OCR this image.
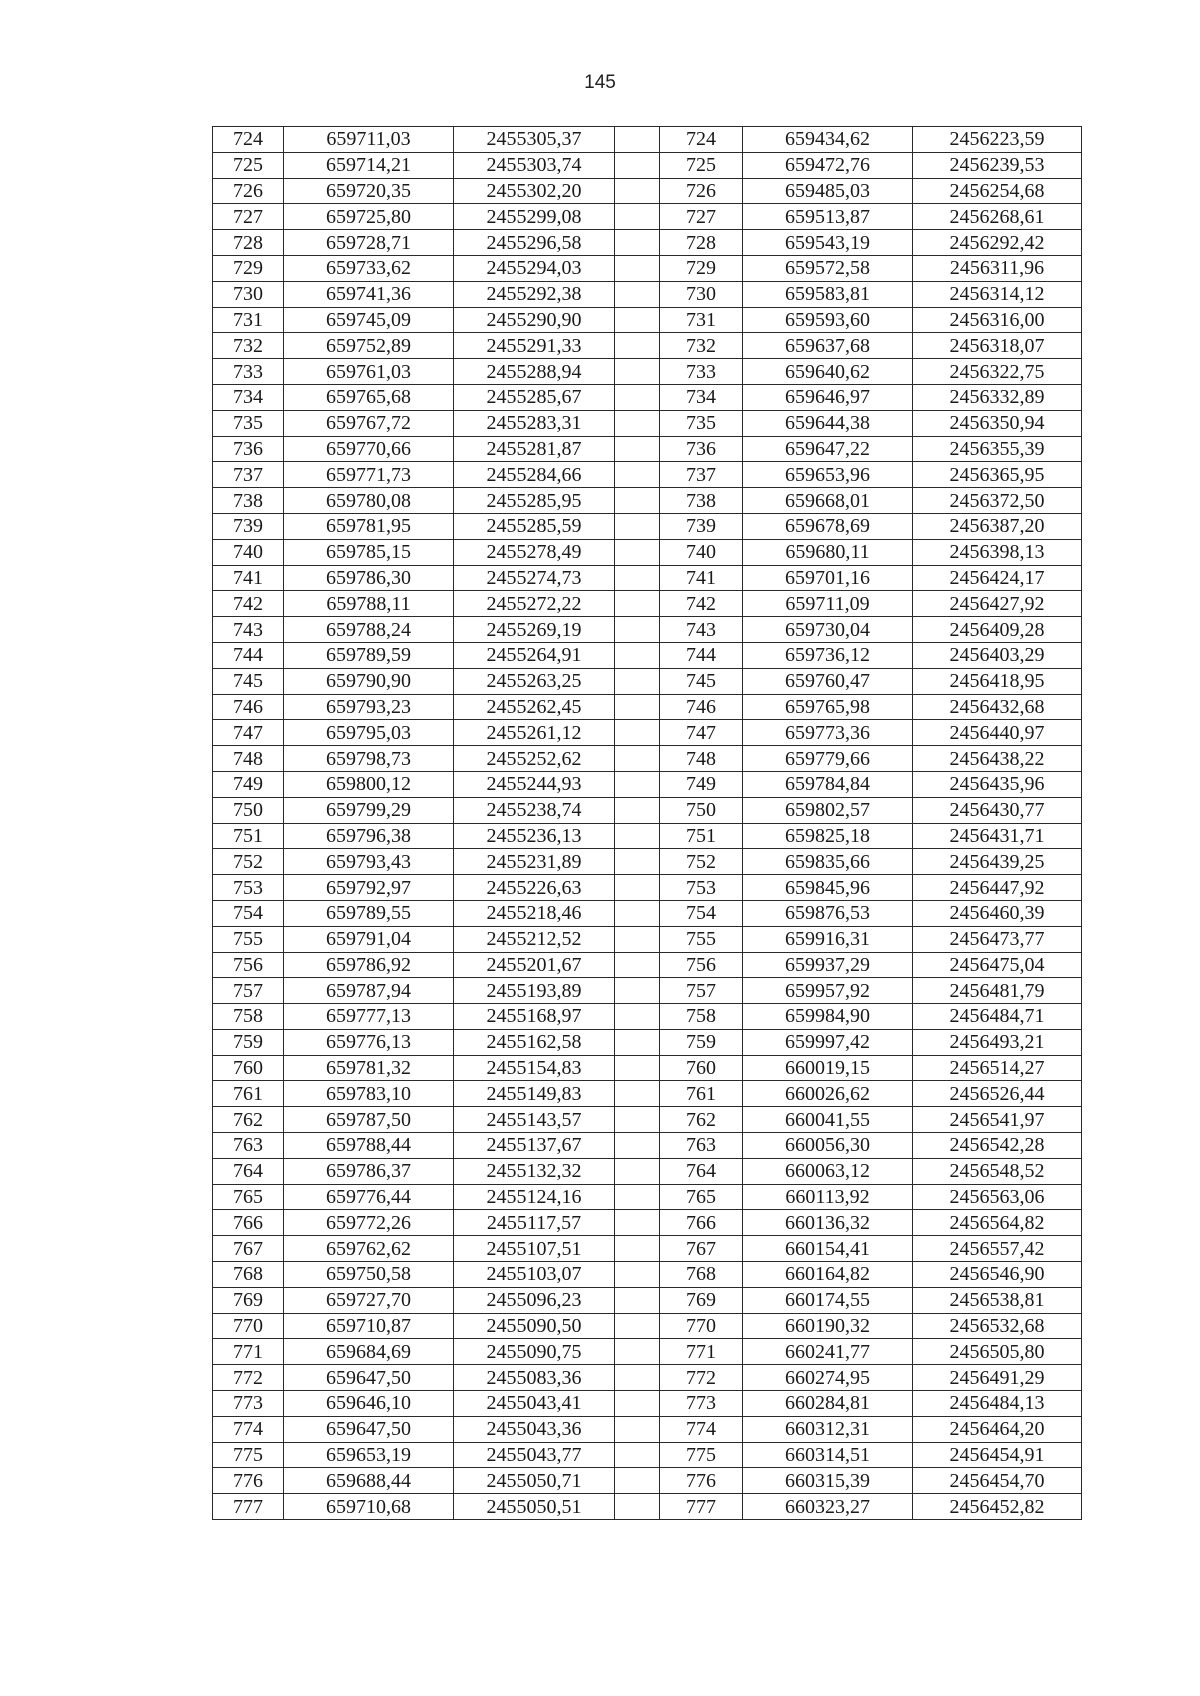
145
724	659711,03	2455305,37		724	659434,62	2456223,59
725	659714,21	2455303,74		725	659472,76	2456239,53
726	659720,35	2455302,20		726	659485,03	2456254,68
727	659725,80	2455299,08		727	659513,87	2456268,61
728	659728,71	2455296,58		728	659543,19	2456292,42
729	659733,62	2455294,03		729	659572,58	2456311,96
730	659741,36	2455292,38		730	659583,81	2456314,12
731	659745,09	2455290,90		731	659593,60	2456316,00
732	659752,89	2455291,33		732	659637,68	2456318,07
733	659761,03	2455288,94		733	659640,62	2456322,75
734	659765,68	2455285,67		734	659646,97	2456332,89
735	659767,72	2455283,31		735	659644,38	2456350,94
736	659770,66	2455281,87		736	659647,22	2456355,39
737	659771,73	2455284,66		737	659653,96	2456365,95
738	659780,08	2455285,95		738	659668,01	2456372,50
739	659781,95	2455285,59		739	659678,69	2456387,20
740	659785,15	2455278,49		740	659680,11	2456398,13
741	659786,30	2455274,73		741	659701,16	2456424,17
742	659788,11	2455272,22		742	659711,09	2456427,92
743	659788,24	2455269,19		743	659730,04	2456409,28
744	659789,59	2455264,91		744	659736,12	2456403,29
745	659790,90	2455263,25		745	659760,47	2456418,95
746	659793,23	2455262,45		746	659765,98	2456432,68
747	659795,03	2455261,12		747	659773,36	2456440,97
748	659798,73	2455252,62		748	659779,66	2456438,22
749	659800,12	2455244,93		749	659784,84	2456435,96
750	659799,29	2455238,74		750	659802,57	2456430,77
751	659796,38	2455236,13		751	659825,18	2456431,71
752	659793,43	2455231,89		752	659835,66	2456439,25
753	659792,97	2455226,63		753	659845,96	2456447,92
754	659789,55	2455218,46		754	659876,53	2456460,39
755	659791,04	2455212,52		755	659916,31	2456473,77
756	659786,92	2455201,67		756	659937,29	2456475,04
757	659787,94	2455193,89		757	659957,92	2456481,79
758	659777,13	2455168,97		758	659984,90	2456484,71
759	659776,13	2455162,58		759	659997,42	2456493,21
760	659781,32	2455154,83		760	660019,15	2456514,27
761	659783,10	2455149,83		761	660026,62	2456526,44
762	659787,50	2455143,57		762	660041,55	2456541,97
763	659788,44	2455137,67		763	660056,30	2456542,28
764	659786,37	2455132,32		764	660063,12	2456548,52
765	659776,44	2455124,16		765	660113,92	2456563,06
766	659772,26	2455117,57		766	660136,32	2456564,82
767	659762,62	2455107,51		767	660154,41	2456557,42
768	659750,58	2455103,07		768	660164,82	2456546,90
769	659727,70	2455096,23		769	660174,55	2456538,81
770	659710,87	2455090,50		770	660190,32	2456532,68
771	659684,69	2455090,75		771	660241,77	2456505,80
772	659647,50	2455083,36		772	660274,95	2456491,29
773	659646,10	2455043,41		773	660284,81	2456484,13
774	659647,50	2455043,36		774	660312,31	2456464,20
775	659653,19	2455043,77		775	660314,51	2456454,91
776	659688,44	2455050,71		776	660315,39	2456454,70
777	659710,68	2455050,51		777	660323,27	2456452,82
